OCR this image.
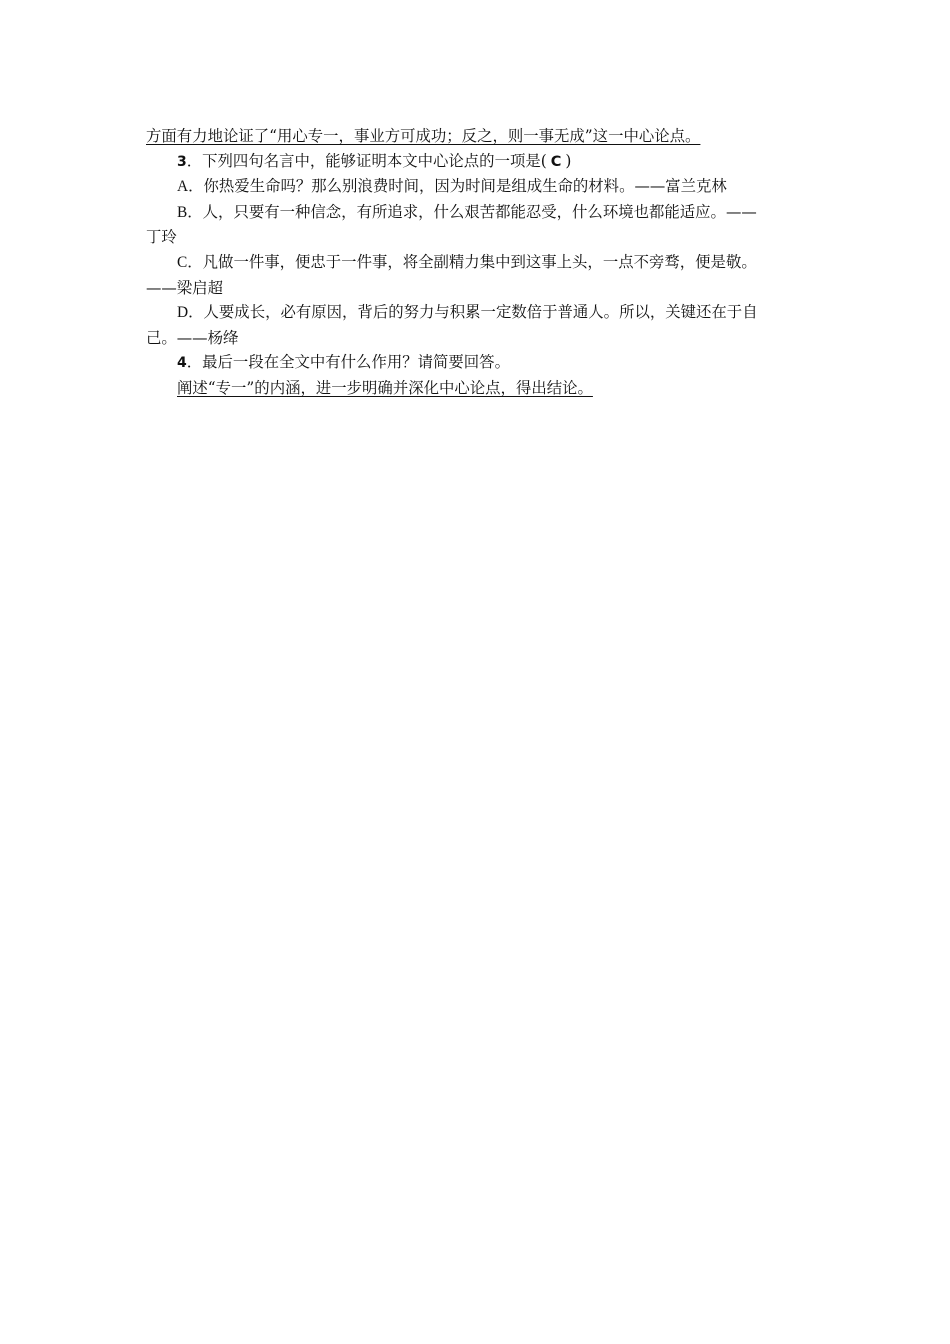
方面有力地论证了“用心专一，事业方可成功；反之，则一事无成”这一中心论点。

3．下列四句名言中，能够证明本文中心论点的一项是( C )

A．你热爱生命吗？那么别浪费时间，因为时间是组成生命的材料。——富兰克林

B．人，只要有一种信念，有所追求，什么艰苦都能忍受，什么环境也都能适应。——

丁玲

C．凡做一件事，便忠于一件事，将全副精力集中到这事上头，一点不旁骛，便是敬。

——梁启超

D．人要成长，必有原因，背后的努力与积累一定数倍于普通人。所以，关键还在于自

己。——杨绛

4．最后一段在全文中有什么作用？请简要回答。

阐述“专一”的内涵，进一步明确并深化中心论点，得出结论。
